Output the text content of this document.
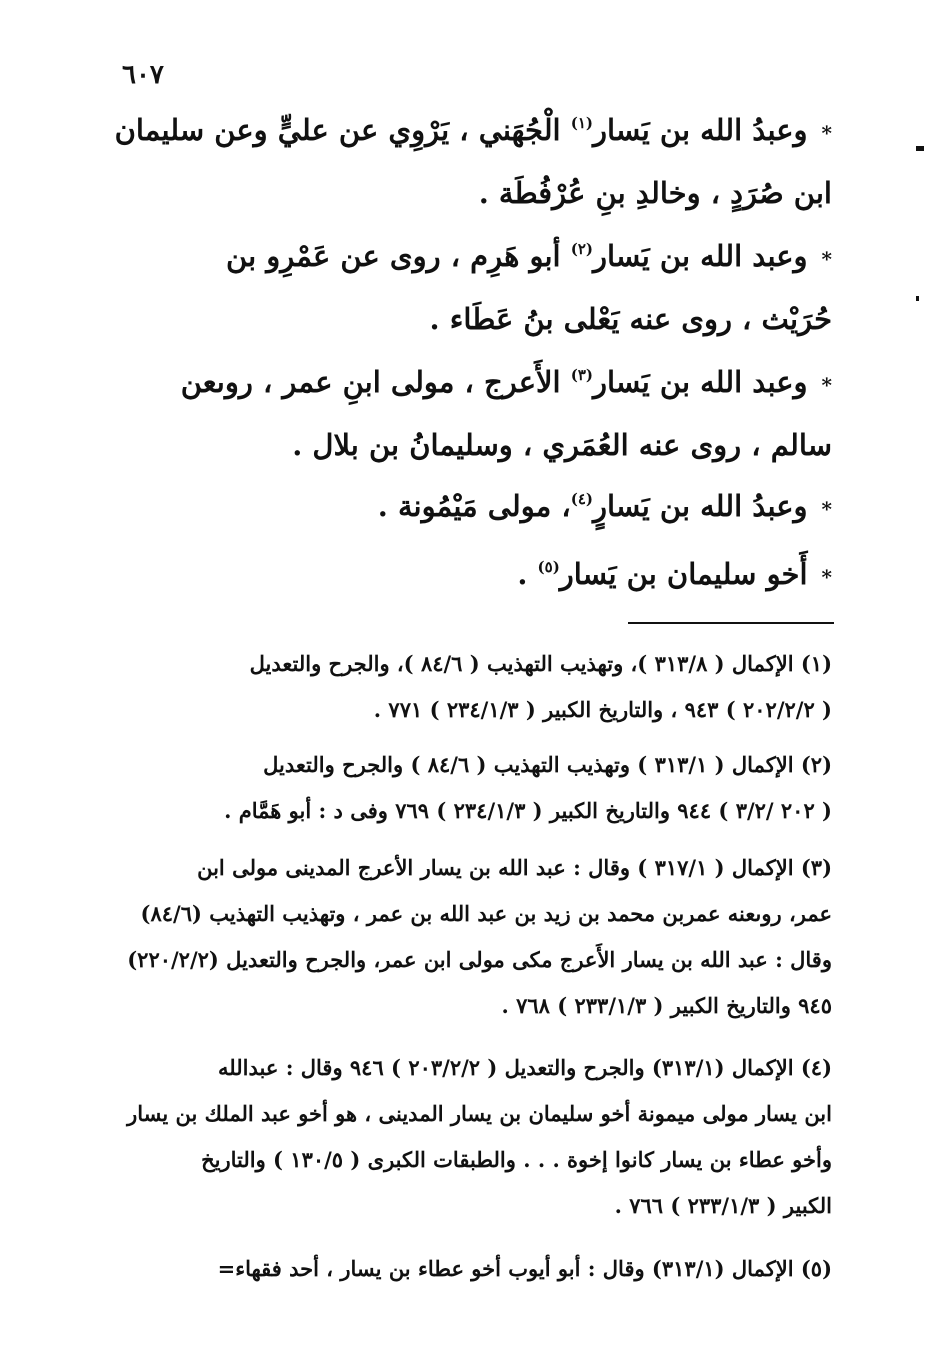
٦٠٧
*وعبدُ الله بن يَسار$^{(١)}$ الْجُهَني ، يَرْوِي عن عليٍّ وعن سليمان
ابن صُرَدٍ ، وخالدِ بنِ عُرْفُطَة .
*وعبد الله بن يَسار$^{(٢)}$ أبو هَرِم ، روى عن عَمْرِو بن
حُرَيْث ، روى عنه يَعْلى بنُ عَطَاء .
*وعبد الله بن يَسار$^{(٣)}$ الأَعرج ، مولى ابنِ عمر ، روىعن
سالم ، روى عنه العُمَري ، وسليمانُ بن بلال .
*وعبدُ الله بن يَسارٍ$^{(٤)}$، مولى مَيْمُونة .
*أَخو سليمان بن يَسار$^{(٥)}$ .
(١) الإكمال ( ٣١٣/٨ )، وتهذيب التهذيب ( ٨٤/٦ )، والجرح والتعديل
( ٢٠٢/٢/٢ ) ٩٤٣ ، والتاريخ الكبير ( ٢٣٤/١/٣ ) ٧٧١ .
(٢) الإكمال ( ٣١٣/١ ) وتهذيب التهذيب ( ٨٤/٦ ) والجرح والتعديل
( ٢٠٢ /٣/٢ ) ٩٤٤ والتاريخ الكبير ( ٢٣٤/١/٣ ) ٧٦٩ وفى د : أبو هَمَّام .
(٣) الإكمال ( ٣١٧/١ ) وقال : عبد الله بن يسار الأعرج المدينى مولى ابن
عمر، روىعنه عمربن محمد بن زيد بن عبد الله بن عمر ، وتهذيب التهذيب (٨٤/٦)
وقال : عبد الله بن يسار الأَعرج مكى مولى ابن عمر، والجرح والتعديل (٢٢٠/٢/٢)
٩٤٥ والتاريخ الكبير ( ٢٣٣/١/٣ ) ٧٦٨ .
(٤) الإكمال (٣١٣/١) والجرح والتعديل ( ٢٠٣/٢/٢ ) ٩٤٦ وقال : عبدالله
ابن يسار مولى ميمونة أخو سليمان بن يسار المدينى ، هو أخو عبد الملك بن يسار
وأخو عطاء بن يسار كانوا إخوة . . . والطبقات الكبرى ( ١٣٠/٥ ) والتاريخ
الكبير ( ٢٣٣/١/٣ ) ٧٦٦ .
(٥) الإكمال (٣١٣/١) وقال : أبو أيوب أخو عطاء بن يسار ، أحد فقهاء=
